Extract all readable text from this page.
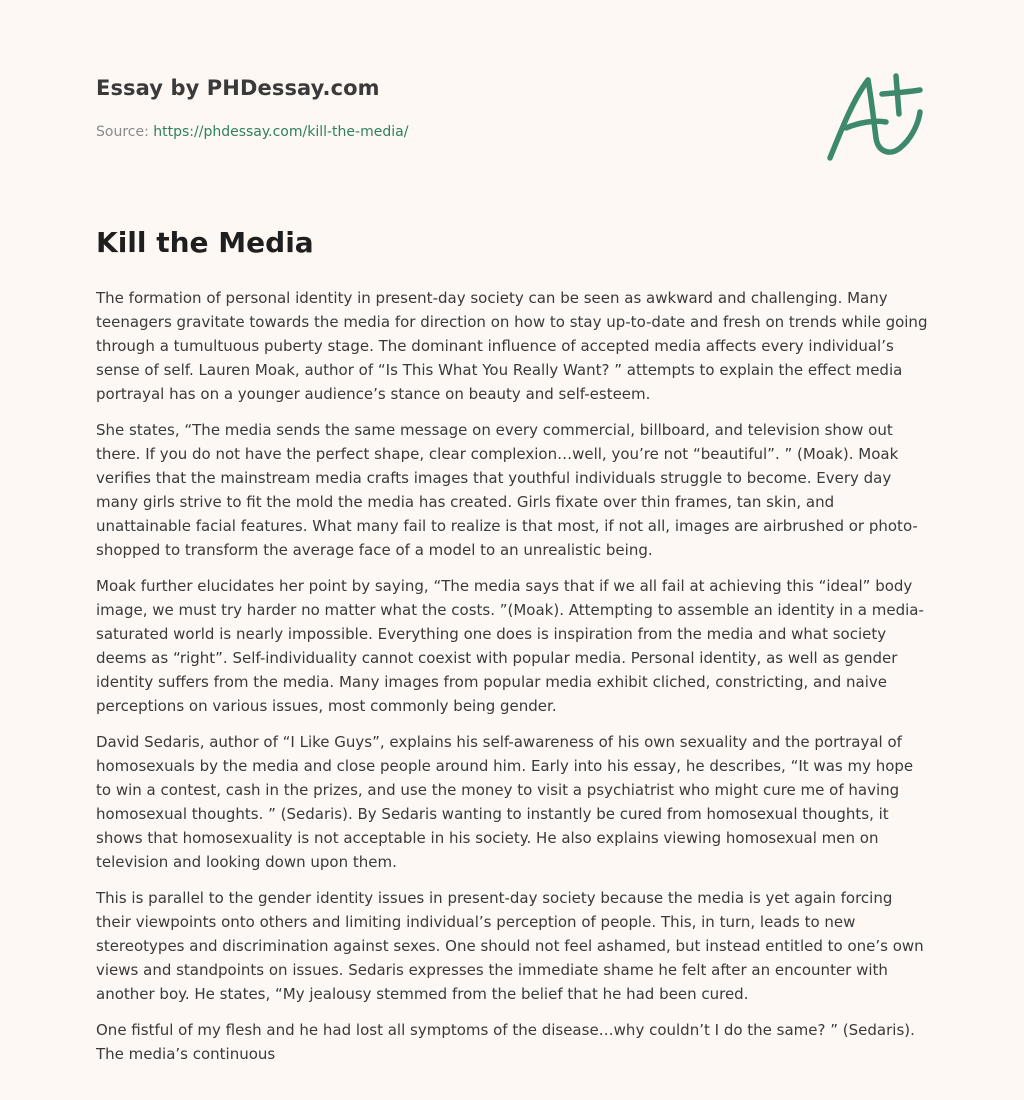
Essay by PHDessay.com
Source: https://phdessay.com/kill-the-media/
Kill the Media

The formation of personal identity in present-day society can be seen as awkward and challenging. Many teenagers gravitate towards the media for direction on how to stay up-to-date and fresh on trends while going through a tumultuous puberty stage. The dominant influence of accepted media affects every individual’s sense of self. Lauren Moak, author of “Is This What You Really Want? ” attempts to explain the effect media portrayal has on a younger audience’s stance on beauty and self-esteem.

She states, “The media sends the same message on every commercial, billboard, and television show out there. If you do not have the perfect shape, clear complexion…well, you’re not “beautiful”. ” (Moak). Moak verifies that the mainstream media crafts images that youthful individuals struggle to become. Every day many girls strive to fit the mold the media has created. Girls fixate over thin frames, tan skin, and unattainable facial features. What many fail to realize is that most, if not all, images are airbrushed or photo-shopped to transform the average face of a model to an unrealistic being.

Moak further elucidates her point by saying, “The media says that if we all fail at achieving this “ideal” body image, we must try harder no matter what the costs. ”(Moak). Attempting to assemble an identity in a media-saturated world is nearly impossible. Everything one does is inspiration from the media and what society deems as “right”. Self-individuality cannot coexist with popular media. Personal identity, as well as gender identity suffers from the media. Many images from popular media exhibit cliched, constricting, and naive perceptions on various issues, most commonly being gender.

David Sedaris, author of “I Like Guys”, explains his self-awareness of his own sexuality and the portrayal of homosexuals by the media and close people around him. Early into his essay, he describes, “It was my hope to win a contest, cash in the prizes, and use the money to visit a psychiatrist who might cure me of having homosexual thoughts. ” (Sedaris). By Sedaris wanting to instantly be cured from homosexual thoughts, it shows that homosexuality is not acceptable in his society. He also explains viewing homosexual men on television and looking down upon them.

This is parallel to the gender identity issues in present-day society because the media is yet again forcing their viewpoints onto others and limiting individual’s perception of people. This, in turn, leads to new stereotypes and discrimination against sexes. One should not feel ashamed, but instead entitled to one’s own views and standpoints on issues. Sedaris expresses the immediate shame he felt after an encounter with another boy. He states, “My jealousy stemmed from the belief that he had been cured.

One fistful of my flesh and he had lost all symptoms of the disease…why couldn’t I do the same? ” (Sedaris). The media’s continuous
